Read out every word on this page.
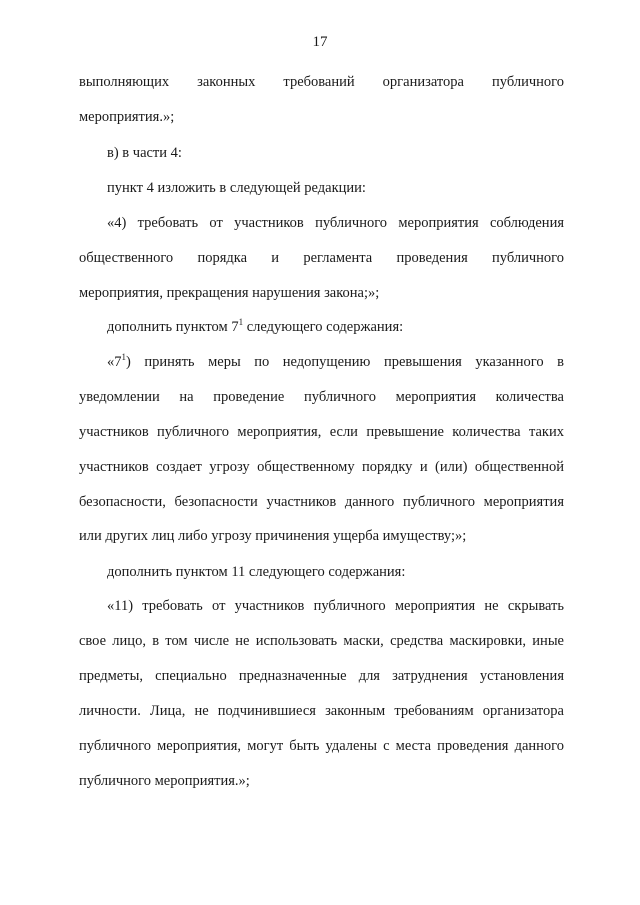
17
выполняющих законных требований организатора публичного
мероприятия.»;
в) в части 4:
пункт 4 изложить в следующей редакции:
«4) требовать от участников публичного мероприятия соблюдения
общественного порядка и регламента проведения публичного
мероприятия, прекращения нарушения закона;»;
дополнить пунктом $7^1$ следующего содержания:
«$7^1$ ) принять меры по недопущению превышения указанного в
уведомлении на проведение публичного мероприятия количества
участников публичного мероприятия, если превышение количества таких
участников создает угрозу общественному порядку и (или) общественной
безопасности, безопасности участников данного публичного мероприятия
или других лиц либо угрозу причинения ущерба имуществу;»;
дополнить пунктом 11 следующего содержания:
«11) требовать от участников публичного мероприятия не скрывать
свое лицо, в том числе не использовать маски, средства маскировки, иные
предметы, специально предназначенные для затруднения установления
личности. Лица, не подчинившиеся законным требованиям организатора
публичного мероприятия, могут быть удалены с места проведения данного
публичного мероприятия.»;
